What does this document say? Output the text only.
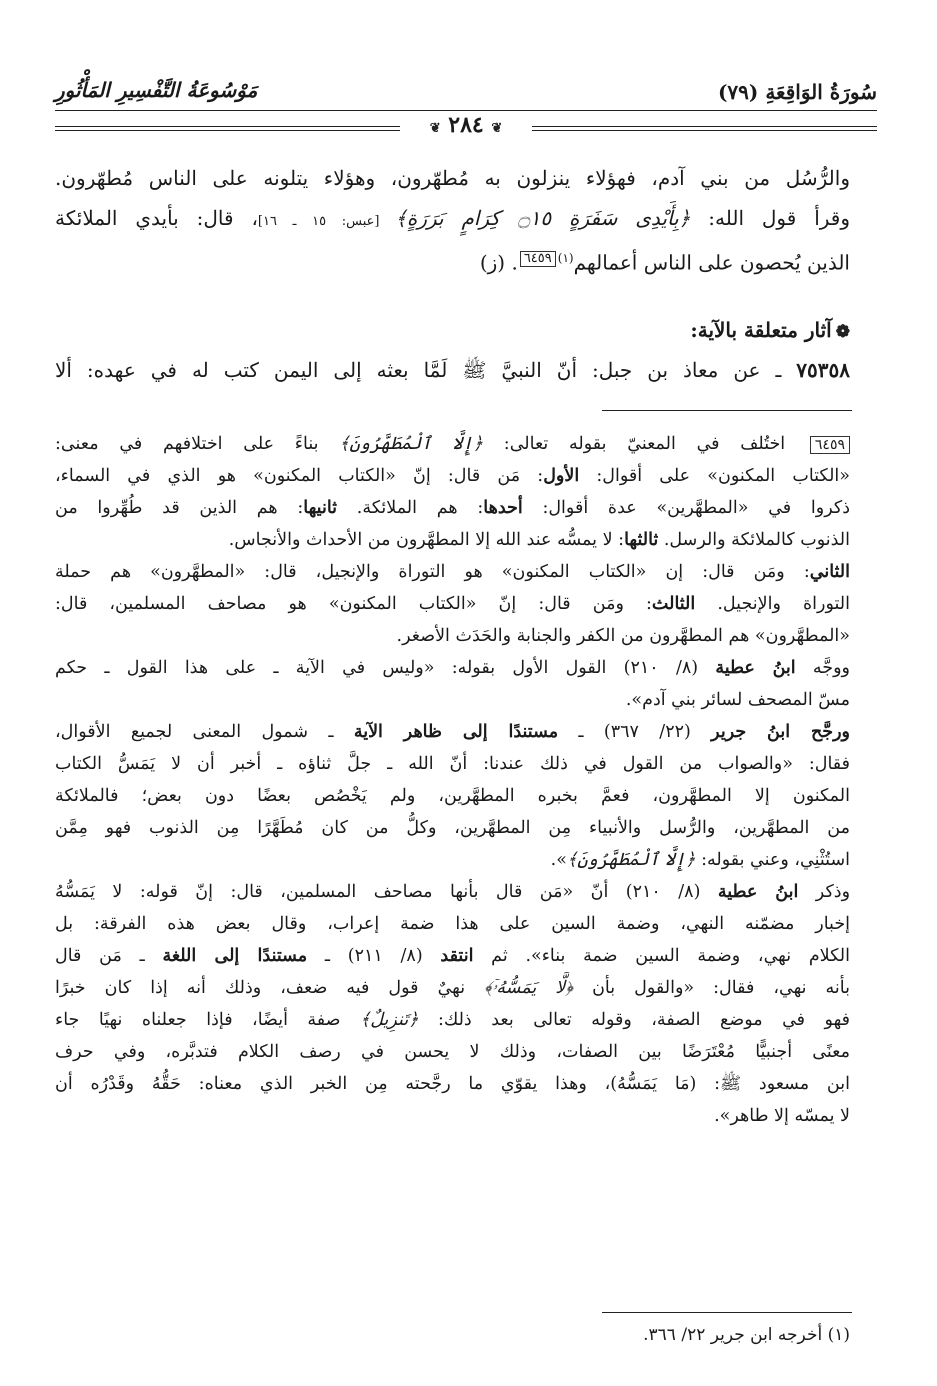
سُورَةُ الوَاقِعَةِ (٧٩)
مَوْسُوعَةُ التَّفْسِيرِ المَأْثُورِ
❦ ٢٨٤ ❦
والرُّسُل من بني آدم، فهؤلاء ينزلون به مُطهّرون، وهؤلاء يتلونه على الناس مُطهّرون.
وقرأ قول الله: ﴿بِأَيْدِى سَفَرَةٍ ۝١٥ كِرَامٍ بَرَرَةٍ﴾ [عبس: ١٥ ـ ١٦]، قال: بأيدي الملائكة
الذين يُحصون على الناس أعمالهم$^{(١)}$٦٤٥٩. (ز)
❁آثار متعلقة بالآية:
٧٥٣٥٨ ـ عن معاذ بن جبل: أنّ النبيَّ ﷺ لَمَّا بعثه إلى اليمن كتب له في عهده: ألا
٦٤٥٩ اختُلف في المعنيّ بقوله تعالى: ﴿إِلَّا ٱلْمُطَهَّرُونَ﴾ بناءً على اختلافهم في معنى:
«الكتاب المكنون» على أقوال: الأول: مَن قال: إنّ «الكتاب المكنون» هو الذي في السماء،
ذكروا في «المطهَّرين» عدة أقوال: أحدها: هم الملائكة. ثانيها: هم الذين قد طُهِّروا من
الذنوب كالملائكة والرسل. ثالثها: لا يمسُّه عند الله إلا المطهَّرون من الأحداث والأنجاس.
الثاني: ومَن قال: إن «الكتاب المكنون» هو التوراة والإنجيل، قال: «المطهَّرون» هم حملة
التوراة والإنجيل. الثالث: ومَن قال: إنّ «الكتاب المكنون» هو مصاحف المسلمين، قال:
«المطهَّرون» هم المطهَّرون من الكفر والجنابة والحَدَث الأصغر.
ووجَّه ابنُ عطية (٨/ ٢١٠) القول الأول بقوله: «وليس في الآية ـ على هذا القول ـ حكم
مسّ المصحف لسائر بني آدم».
ورجَّح ابنُ جرير (٢٢/ ٣٦٧) ـ مستندًا إلى ظاهر الآية ـ شمول المعنى لجميع الأقوال،
فقال: «والصواب من القول في ذلك عندنا: أنّ الله ـ جلَّ ثناؤه ـ أخبر أن لا يَمَسُّ الكتاب
المكنون إلا المطهَّرون، فعمَّ بخبره المطهَّرين، ولم يَخْصُص بعضًا دون بعض؛ فالملائكة
من المطهَّرين، والرُّسل والأنبياء مِن المطهَّرين، وكلُّ من كان مُطَهَّرًا مِن الذنوب فهو مِمَّن
استُثْنِي، وعني بقوله: ﴿إِلَّا ٱلْمُطَهَّرُونَ﴾».
وذكر ابنُ عطية (٨/ ٢١٠) أنّ «مَن قال بأنها مصاحف المسلمين، قال: إنّ قوله: لا يَمَسُّهُ
إخبار مضمّنه النهي، وضمة السين على هذا ضمة إعراب، وقال بعض هذه الفرقة: بل
الكلام نهي، وضمة السين ضمة بناء». ثم انتقد (٨/ ٢١١) ـ مستندًا إلى اللغة ـ مَن قال
بأنه نهي، فقال: «والقول بأن ﴿لَّا يَمَسُّهُۥٓ﴾ نهيٌ قول فيه ضعف، وذلك أنه إذا كان خبرًا
فهو في موضع الصفة، وقوله تعالى بعد ذلك: ﴿تَنزِيلٌ﴾ صفة أيضًا، فإذا جعلناه نهيًا جاء
معنًى أجنبيًّا مُعْتَرَضًا بين الصفات، وذلك لا يحسن في رصف الكلام فتدبَّره، وفي حرف
ابن مسعود ﷺ: (مَا يَمَسُّهُ)، وهذا يقوّي ما رجَّحته مِن الخبر الذي معناه: حَقُّهُ وقَدْرُه أن
لا يمسّه إلا طاهر».
(١) أخرجه ابن جرير ٢٢/ ٣٦٦.
